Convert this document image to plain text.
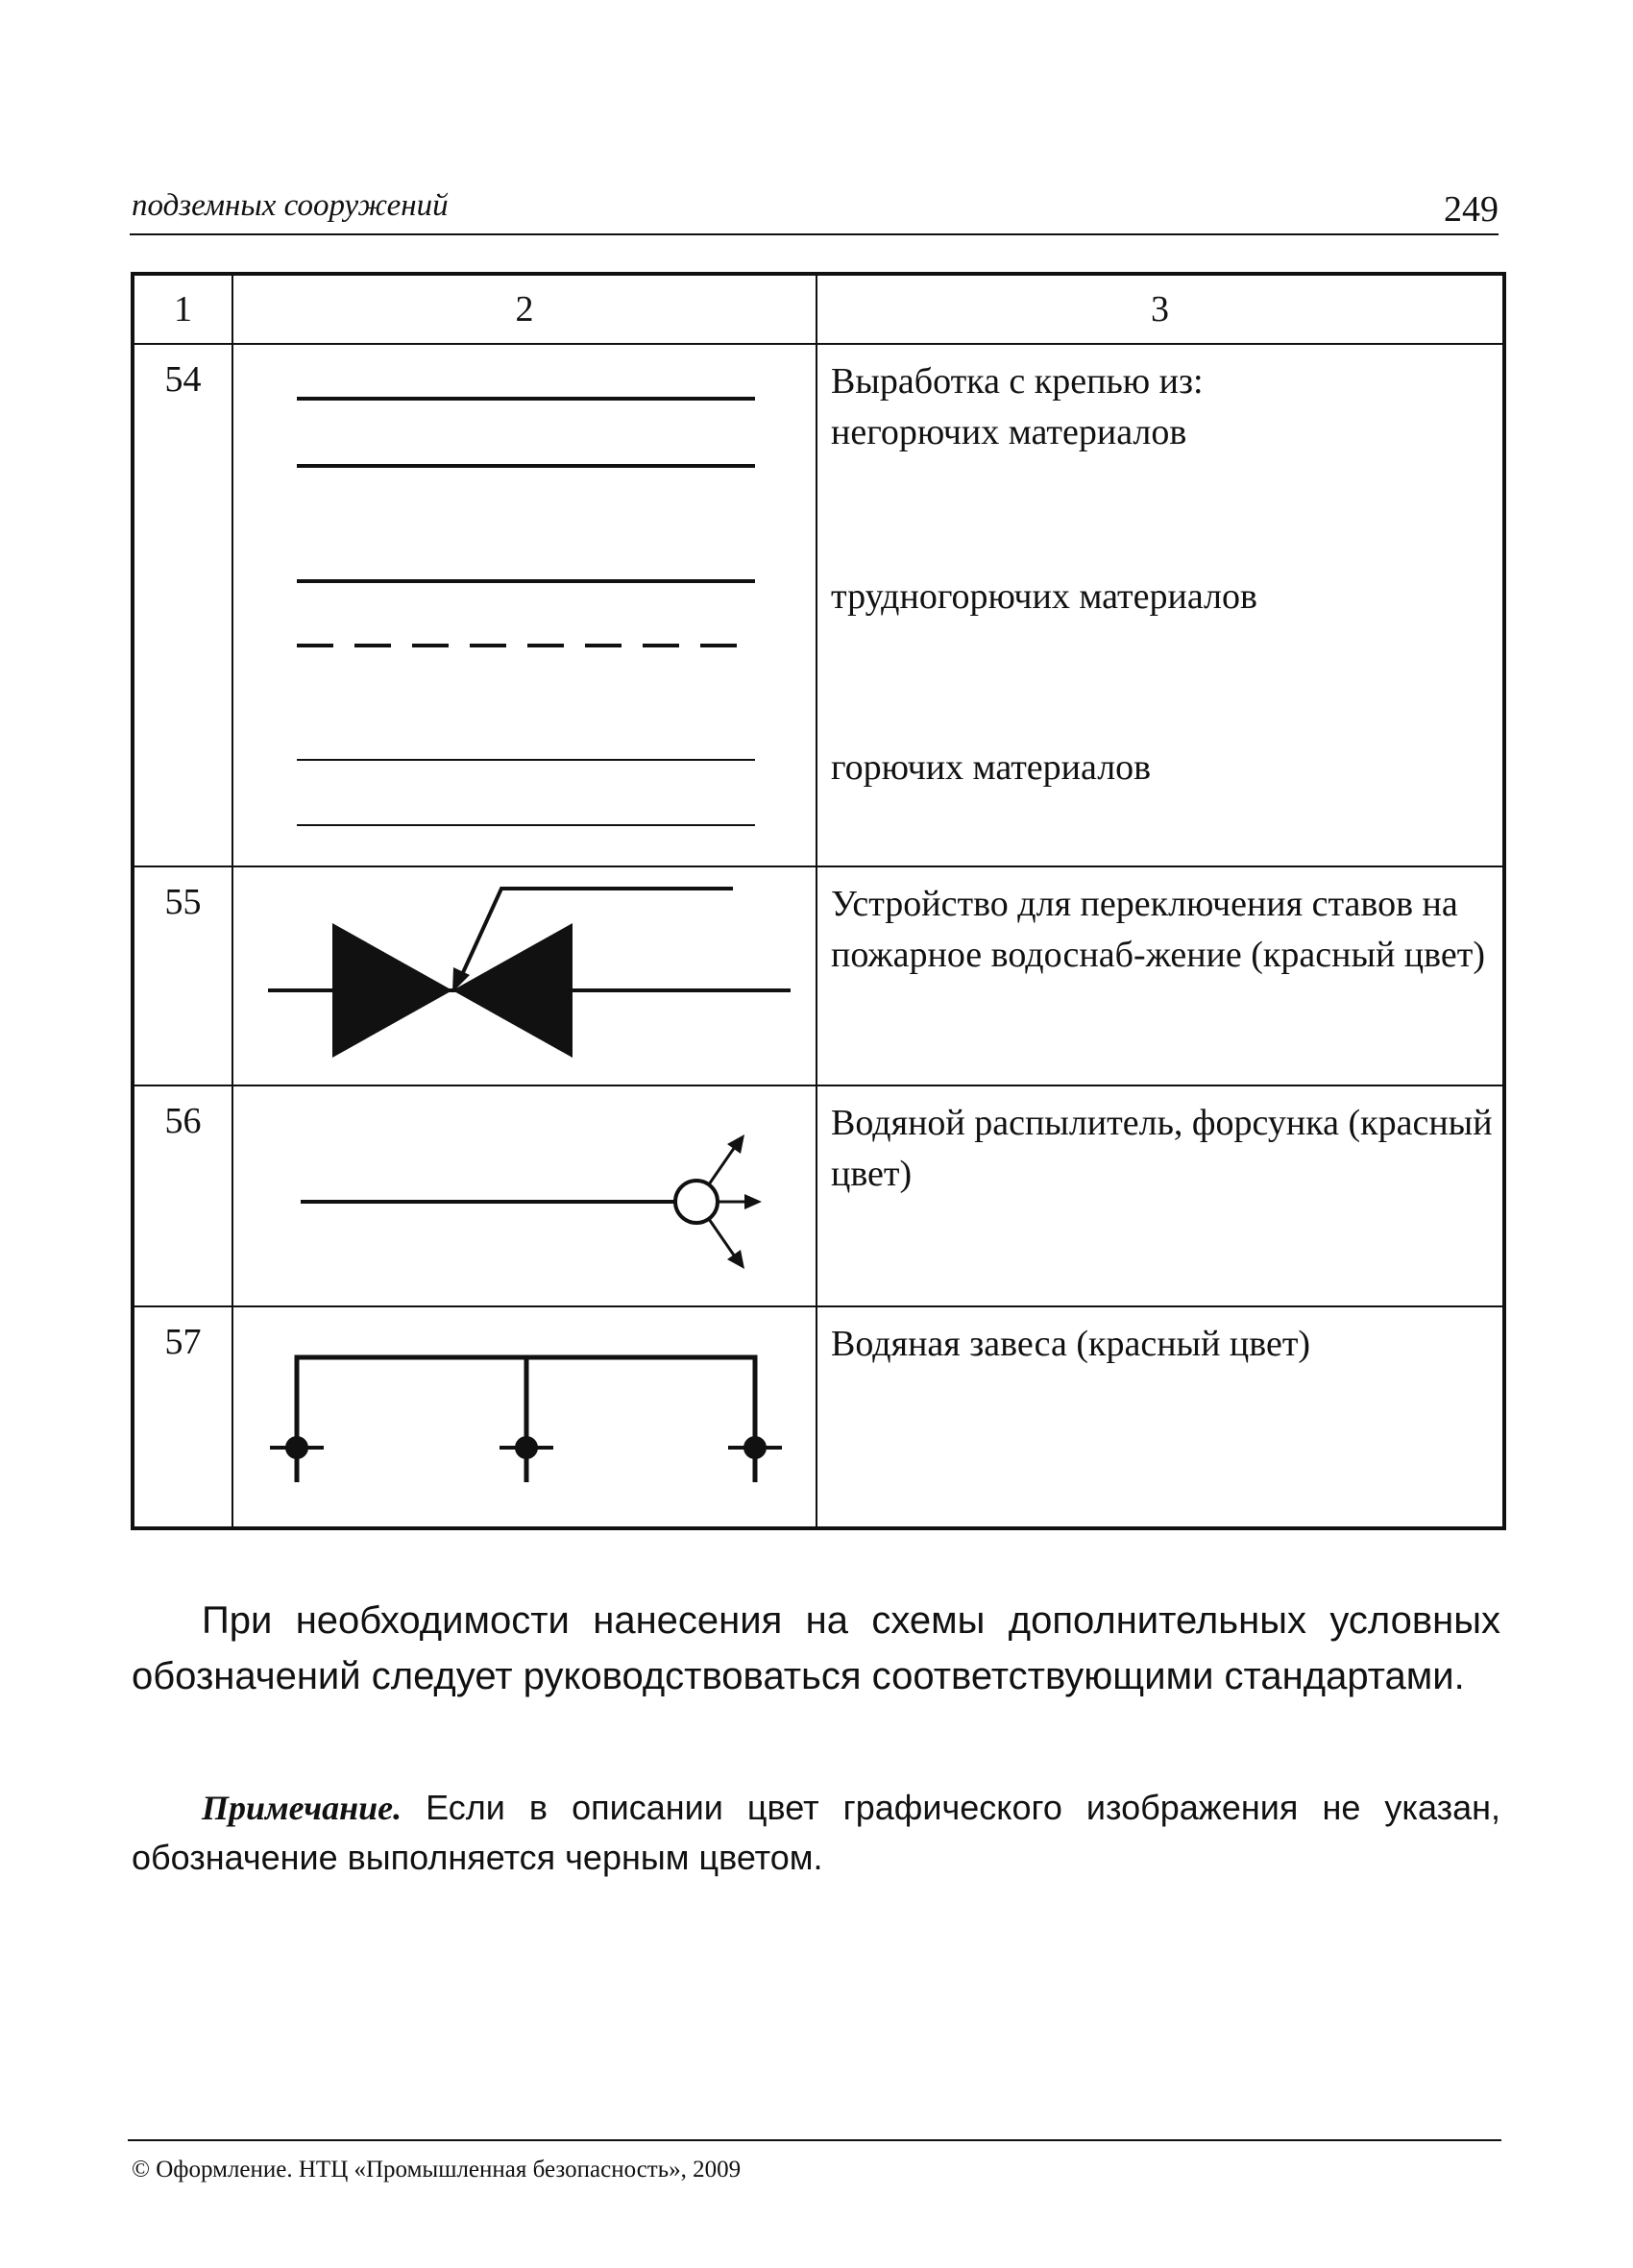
подземных сооружений	249
1	2	3
54		Выработка с крепью из:

негорючих материалов

трудногорючих материалов

горючих материалов

55		Устройство для переключения ставов на пожарное водоснаб-жение (красный цвет)
56		Водяной распылитель, форсунка (красный цвет)
57		Водяная завеса (красный цвет)

При необходимости нанесения на схемы дополнительных условных обозначений следует руководствоваться соответствующими стандартами.

Примечание. Если в описании цвет графического изображения не указан, обозначение выполняется черным цветом.

© Оформление. НТЦ «Промышленная безопасность», 2009
